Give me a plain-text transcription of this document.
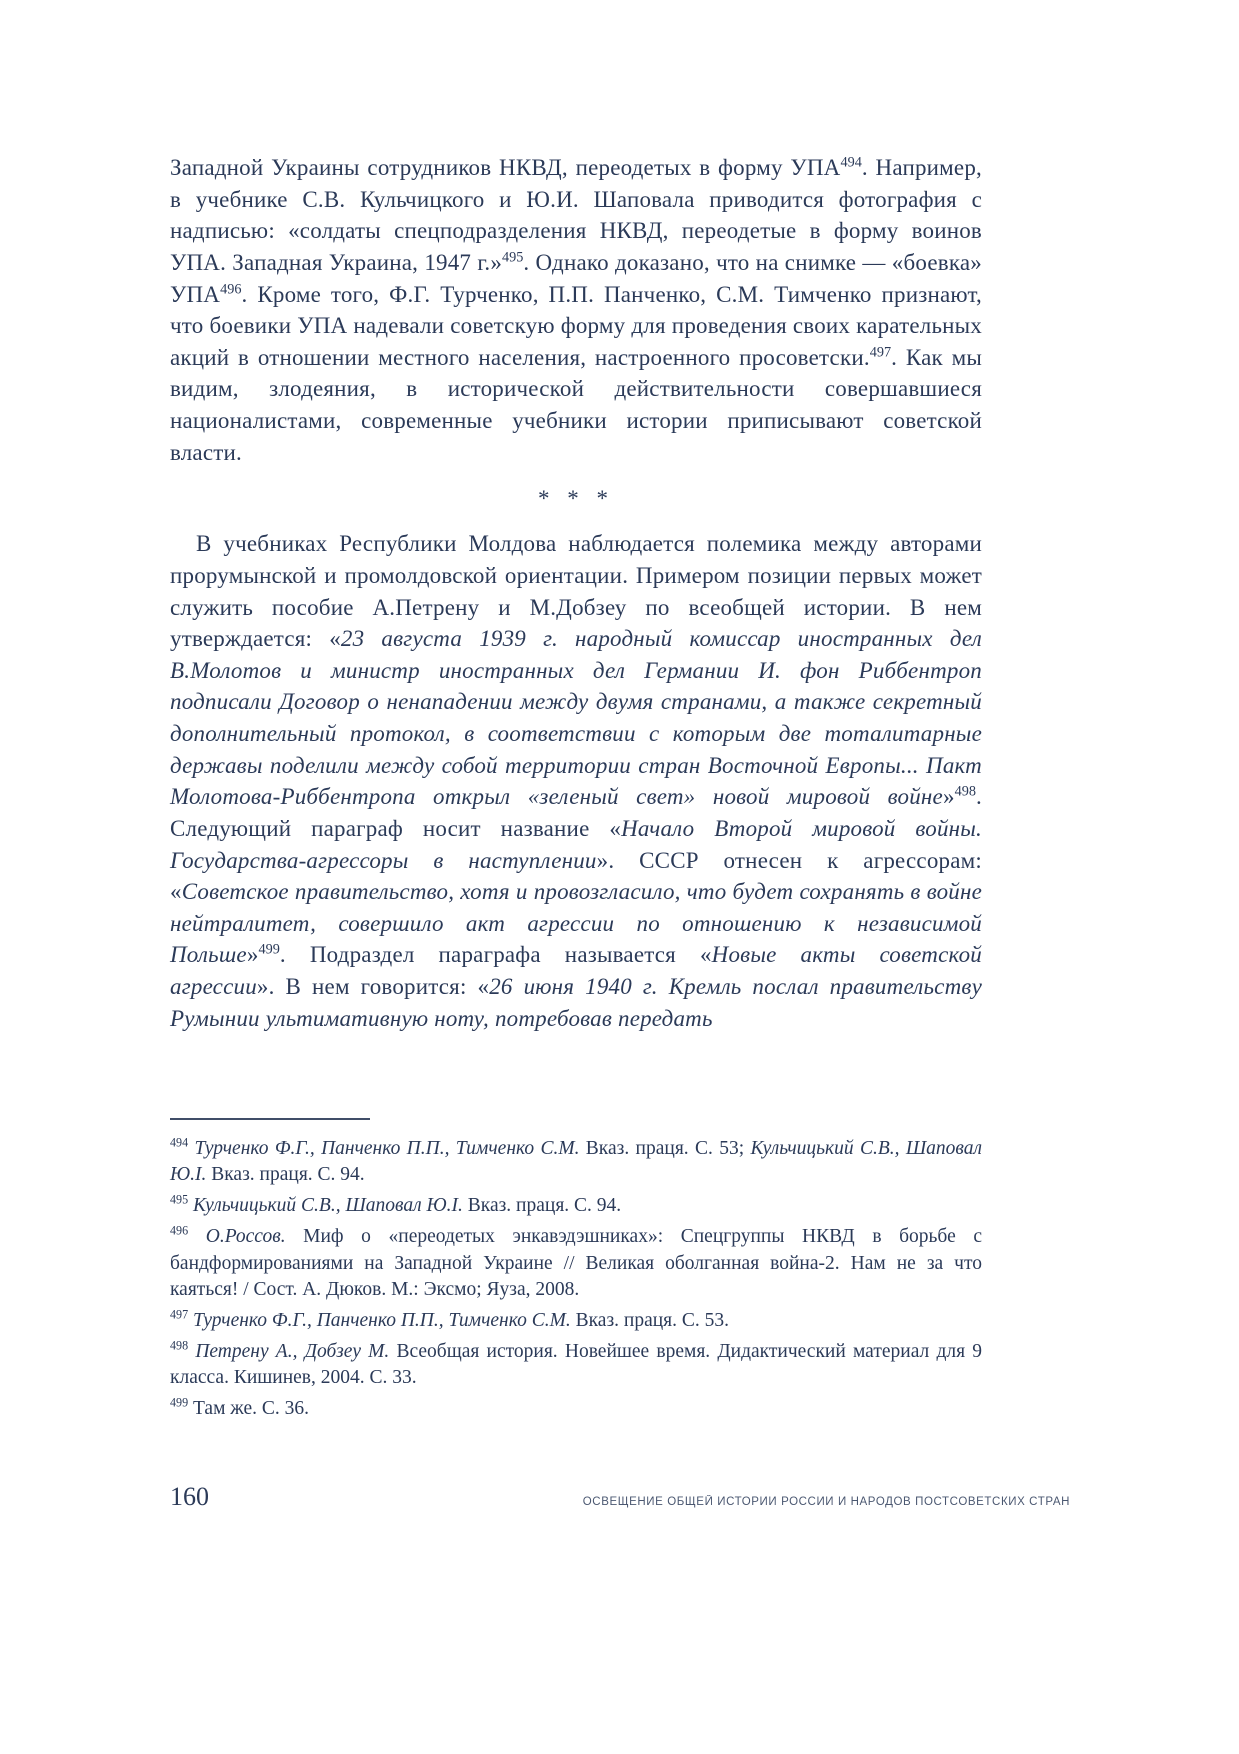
Западной Украины сотрудников НКВД, переодетых в форму УПА$^{494}$. Например, в учебнике С.В. Кульчицкого и Ю.И. Шаповала приводится фотография с надписью: «солдаты спецподразделения НКВД, переодетые в форму воинов УПА. Западная Украина, 1947 г.»$^{495}$. Однако доказано, что на снимке — «боевка» УПА$^{496}$. Кроме того, Ф.Г. Турченко, П.П. Панченко, С.М. Тимченко признают, что боевики УПА надевали советскую форму для проведения своих карательных акций в отношении местного населения, настроенного просоветски.$^{497}$. Как мы видим, злодеяния, в исторической действительности совершавшиеся националистами, современные учебники истории приписывают советской власти.

* * *

В учебниках Республики Молдова наблюдается полемика между авторами прорумынской и промолдовской ориентации. Примером позиции первых может служить пособие А.Петрену и М.Добзеу по всеобщей истории. В нем утверждается: «23 августа 1939 г. народный комиссар иностранных дел В.Молотов и министр иностранных дел Германии И. фон Риббентроп подписали Договор о ненападении между двумя странами, а также секретный дополнительный протокол, в соответствии с которым две тоталитарные державы поделили между собой территории стран Восточной Европы... Пакт Молотова-Риббентропа открыл «зеленый свет» новой мировой войне»$^{498}$. Следующий параграф носит название «Начало Второй мировой войны. Государства-агрессоры в наступлении». СССР отнесен к агрессорам: «Советское правительство, хотя и провозгласило, что будет сохранять в войне нейтралитет, совершило акт агрессии по отношению к независимой Польше»$^{499}$. Подраздел параграфа называется «Новые акты советской агрессии». В нем говорится: «26 июня 1940 г. Кремль послал правительству Румынии ультимативную ноту, потребовав передать

$^{494}$ Турченко Ф.Г., Панченко П.П., Тимченко С.М. Вказ. праця. С. 53; Кульчицький С.В., Шаповал Ю.І. Вказ. праця. С. 94.
$^{495}$ Кульчицький С.В., Шаповал Ю.І. Вказ. праця. С. 94.
$^{496}$ О.Россов. Миф о «переодетых энкавэдэшниках»: Спецгруппы НКВД в борьбе с бандформированиями на Западной Украине // Великая оболганная война-2. Нам не за что каяться! / Сост. А. Дюков. М.: Эксмо; Яуза, 2008.
$^{497}$ Турченко Ф.Г., Панченко П.П., Тимченко С.М. Вказ. праця. С. 53.
$^{498}$ Петрену А., Добзеу М. Всеобщая история. Новейшее время. Дидактический материал для 9 класса. Кишинев, 2004. С. 33.
$^{499}$ Там же. С. 36.
160	ОСВЕЩЕНИЕ ОБЩЕЙ ИСТОРИИ РОССИИ И НАРОДОВ ПОСТСОВЕТСКИХ СТРАН
